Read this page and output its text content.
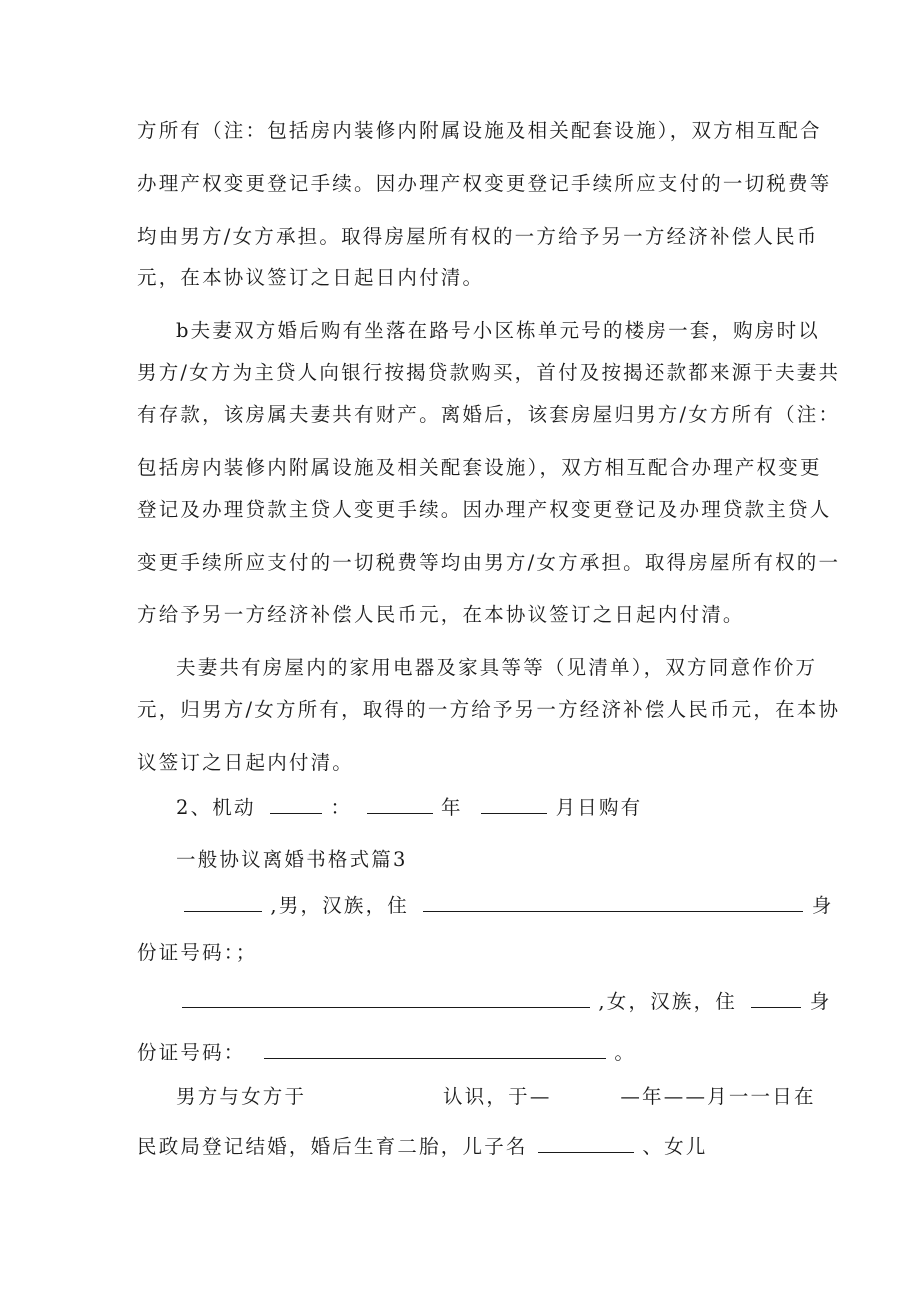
方所有（注：包括房内装修内附属设施及相关配套设施），双方相互配合
办理产权变更登记手续。因办理产权变更登记手续所应支付的一切税费等
均由男方/女方承担。取得房屋所有权的一方给予另一方经济补偿人民币
元，在本协议签订之日起日内付清。
b夫妻双方婚后购有坐落在路号小区栋单元号的楼房一套，购房时以
男方/女方为主贷人向银行按揭贷款购买，首付及按揭还款都来源于夫妻共
有存款，该房属夫妻共有财产。离婚后，该套房屋归男方/女方所有（注：
包括房内装修内附属设施及相关配套设施），双方相互配合办理产权变更
登记及办理贷款主贷人变更手续。因办理产权变更登记及办理贷款主贷人
变更手续所应支付的一切税费等均由男方/女方承担。取得房屋所有权的一
方给予另一方经济补偿人民币元，在本协议签订之日起内付清。
夫妻共有房屋内的家用电器及家具等等（见清单），双方同意作价万
元，归男方/女方所有，取得的一方给予另一方经济补偿人民币元，在本协
议签订之日起内付清。
2、机动	：	年	月日购有
一般协议离婚书格式篇3
,男，汉族，住	身
份证号码：；
,女，汉族，住	身
份证号码：	。
男方与女方于	认识，于—	—年——月一一日在
民政局登记结婚，婚后生育二胎，儿子名	、女儿
